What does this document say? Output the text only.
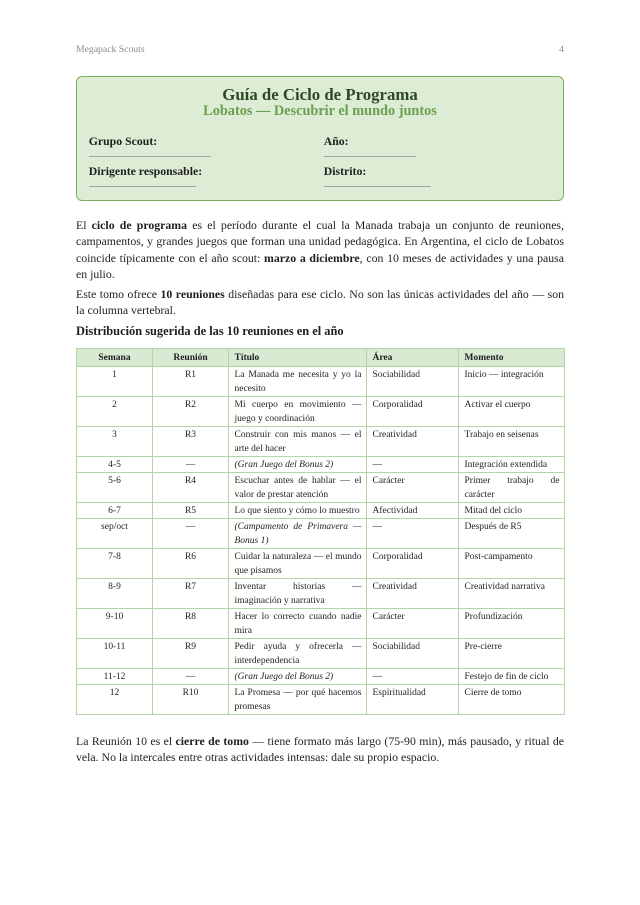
Megapack Scouts	4
Guía de Ciclo de Programa
Lobatos — Descubrir el mundo juntos
Grupo Scout:	Año:
Dirigente responsable:	Distrito:

El ciclo de programa es el período durante el cual la Manada trabaja un conjunto de reuniones, campamentos, y grandes juegos que forman una unidad pedagógica. En Argentina, el ciclo de Lobatos coincide típicamente con el año scout: marzo a diciembre, con 10 meses de actividades y una pausa en julio.

Este tomo ofrece 10 reuniones diseñadas para ese ciclo. No son las únicas actividades del año — son la columna vertebral.

Distribución sugerida de las 10 reuniones en el año
Semana	Reunión	Título	Área	Momento
1	R1	La Manada me necesita y yo la necesito	Sociabilidad	Inicio — integración
2	R2	Mi cuerpo en movimiento — juego y coordinación	Corporalidad	Activar el cuerpo
3	R3	Construir con mis manos — el arte del hacer	Creatividad	Trabajo en seisenas
4-5	—	(Gran Juego del Bonus 2)	—	Integración extendida
5-6	R4	Escuchar antes de hablar — el valor de prestar atención	Carácter	Primer trabajo de carácter
6-7	R5	Lo que siento y cómo lo muestro	Afectividad	Mitad del ciclo
sep/oct	—	(Campamento de Primavera — Bonus 1)	—	Después de R5
7-8	R6	Cuidar la naturaleza — el mundo que pisamos	Corporalidad	Post-campamento
8-9	R7	Inventar historias — imaginación y narrativa	Creatividad	Creatividad narrativa
9-10	R8	Hacer lo correcto cuando nadie mira	Carácter	Profundización
10-11	R9	Pedir ayuda y ofrecerla — interdependencia	Sociabilidad	Pre-cierre
11-12	—	(Gran Juego del Bonus 2)	—	Festejo de fin de ciclo
12	R10	La Promesa — por qué hacemos promesas	Espiritualidad	Cierre de tomo

La Reunión 10 es el cierre de tomo — tiene formato más largo (75-90 min), más pausado, y ritual de vela. No la intercales entre otras actividades intensas: dale su propio espacio.
